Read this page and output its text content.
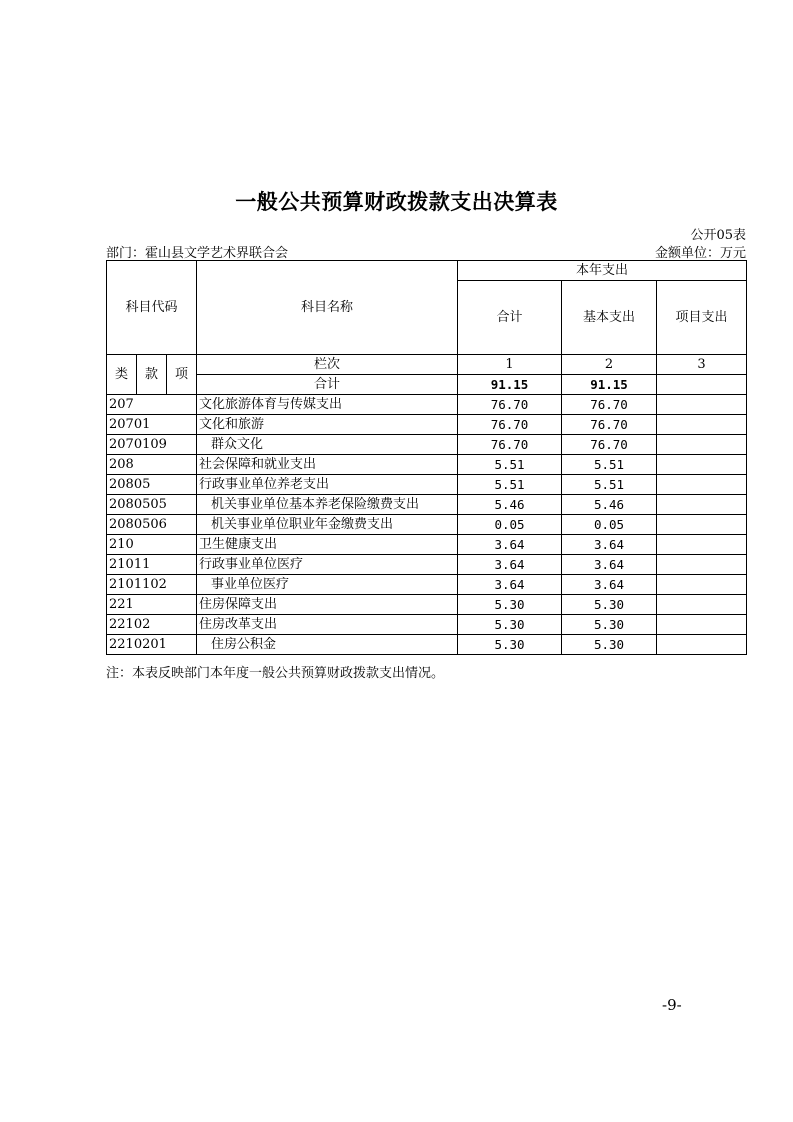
一般公共预算财政拨款支出决算表
公开05表
部门：霍山县文学艺术界联合会	金额单位：万元
科目代码			科目名称	本年支出		
				合计	基本支出	项目支出
类	款	项	栏次	1	2	3
			合计	91.15	91.15	
207			文化旅游体育与传媒支出	76.70	76.70	
20701			文化和旅游	76.70	76.70	
2070109			群众文化	76.70	76.70	
208			社会保障和就业支出	5.51	5.51	
20805			行政事业单位养老支出	5.51	5.51	
2080505			机关事业单位基本养老保险缴费支出	5.46	5.46	
2080506			机关事业单位职业年金缴费支出	0.05	0.05	
210			卫生健康支出	3.64	3.64	
21011			行政事业单位医疗	3.64	3.64	
2101102			事业单位医疗	3.64	3.64	
221			住房保障支出	5.30	5.30	
22102			住房改革支出	5.30	5.30	
2210201			住房公积金	5.30	5.30	
注：本表反映部门本年度一般公共预算财政拨款支出情况。
-9-
